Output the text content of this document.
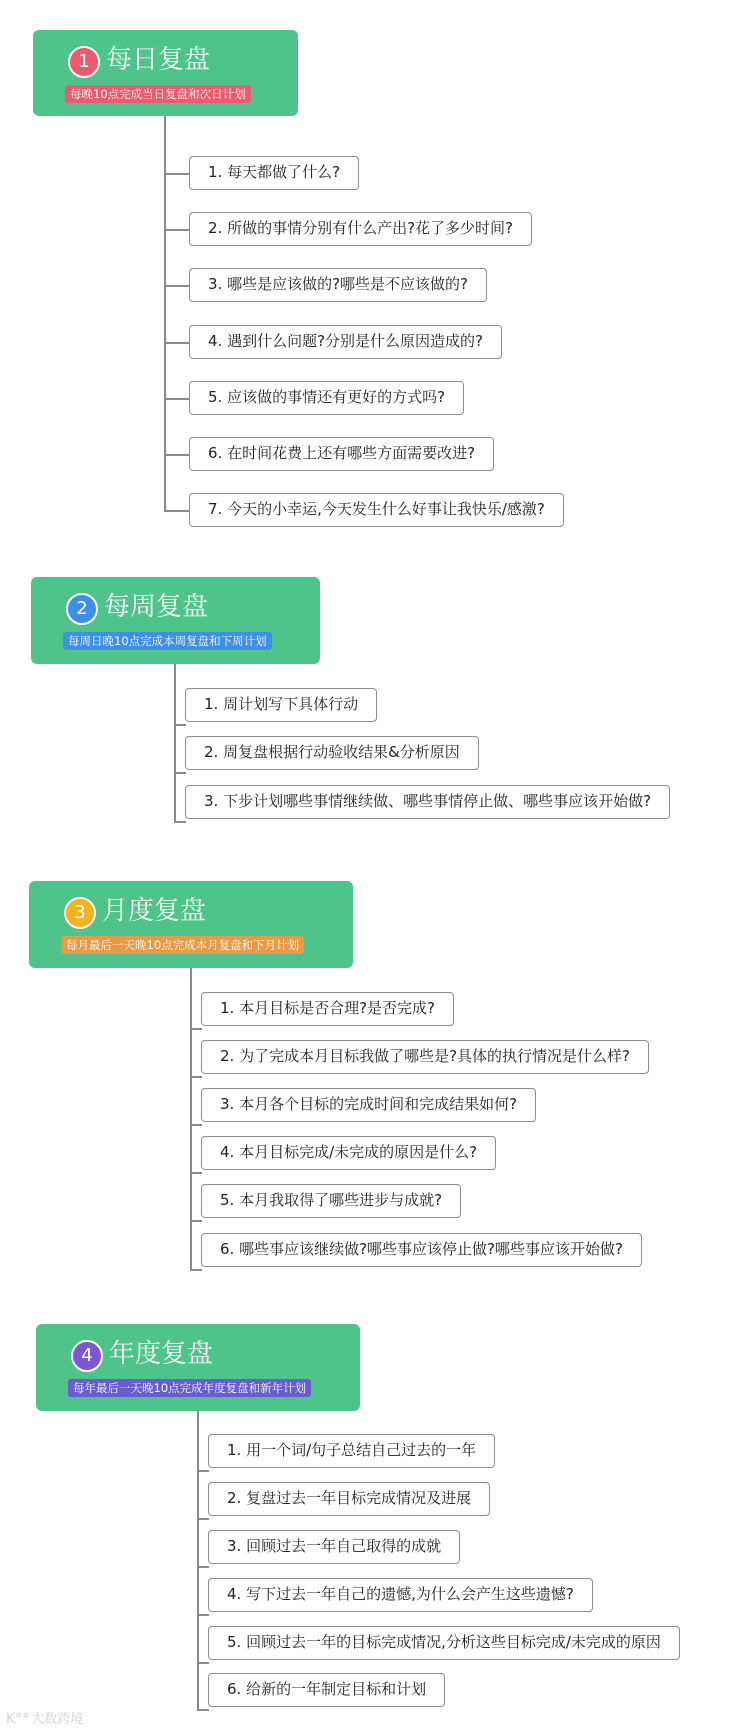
1 每日复盘
每晚10点完成当日复盘和次日计划
1. 每天都做了什么?
2. 所做的事情分别有什么产出?花了多少时间?
3. 哪些是应该做的?哪些是不应该做的?
4. 遇到什么问题?分别是什么原因造成的?
5. 应该做的事情还有更好的方式吗?
6. 在时间花费上还有哪些方面需要改进?
7. 今天的小幸运,今天发生什么好事让我快乐/感激?
2 每周复盘
每周日晚10点完成本周复盘和下周计划
1. 周计划写下具体行动
2. 周复盘根据行动验收结果&分析原因
3. 下步计划哪些事情继续做、哪些事情停止做、哪些事应该开始做?
3 月度复盘
每月最后一天晚10点完成本月复盘和下月计划
1. 本月目标是否合理?是否完成?
2. 为了完成本月目标我做了哪些是?具体的执行情况是什么样?
3. 本月各个目标的完成时间和完成结果如何?
4. 本月目标完成/未完成的原因是什么?
5. 本月我取得了哪些进步与成就?
6. 哪些事应该继续做?哪些事应该停止做?哪些事应该开始做?
4 年度复盘
每年最后一天晚10点完成年度复盘和新年计划
1. 用一个词/句子总结自己过去的一年
2. 复盘过去一年目标完成情况及进展
3. 回顾过去一年自己取得的成就
4. 写下过去一年自己的遗憾,为什么会产生这些遗憾?
5. 回顾过去一年的目标完成情况,分析这些目标完成/未完成的原因
6. 给新的一年制定目标和计划
K°° 大数跨境
